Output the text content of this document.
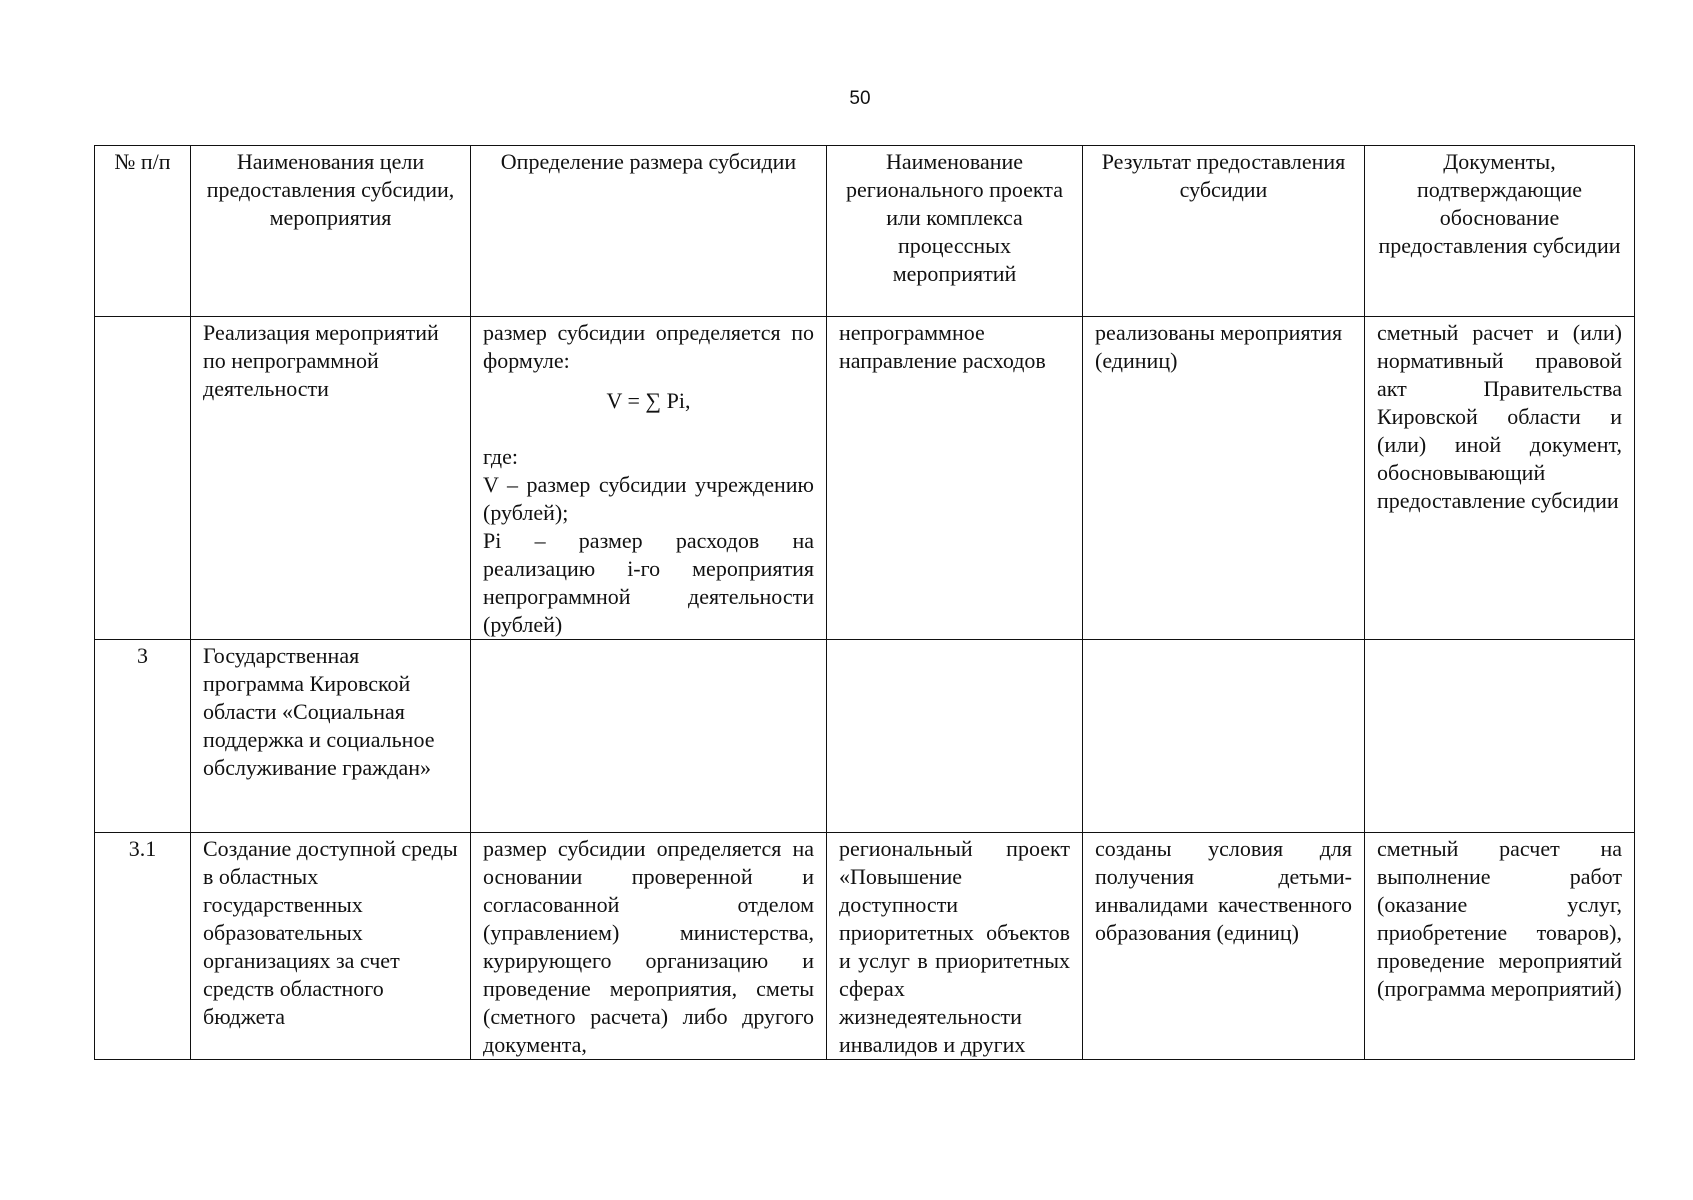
50
№ п/п	Наименования цели предоставления субсидии, мероприятия	Определение размера субсидии	Наименование регионального проекта или комплекса процессных мероприятий	Результат предоставления субсидии	Документы, подтверждающие обоснование предоставления субсидии
	Реализация мероприятий по непрограммной деятельности	размер субсидии определяется по формуле:
V = ∑ Pi,
где:
V – размер субсидии учреждению (рублей);
Pi – размер расходов на реализацию i-го мероприятия непрограммной деятельности (рублей)	непрограммное направление расходов	реализованы мероприятия (единиц)	сметный расчет и (или) нормативный правовой акт Правительства Кировской области и (или) иной документ, обосновывающий предоставление субсидии
3	Государственная программа Кировской области «Социальная поддержка и социальное обслуживание граждан»				
3.1	Создание доступной среды в областных государственных образовательных организациях за счет средств областного бюджета	размер субсидии определяется на основании проверенной и согласованной отделом (управлением) министерства, курирующего организацию и проведение мероприятия, сметы (сметного расчета) либо другого документа,	региональный проект «Повышение доступности приоритетных объектов и услуг в приоритетных сферах жизнедеятельности инвалидов и других	созданы условия для получения детьми-инвалидами качественного образования (единиц)	сметный расчет на выполнение работ (оказание услуг, приобретение товаров), проведение мероприятий (программа мероприятий)
